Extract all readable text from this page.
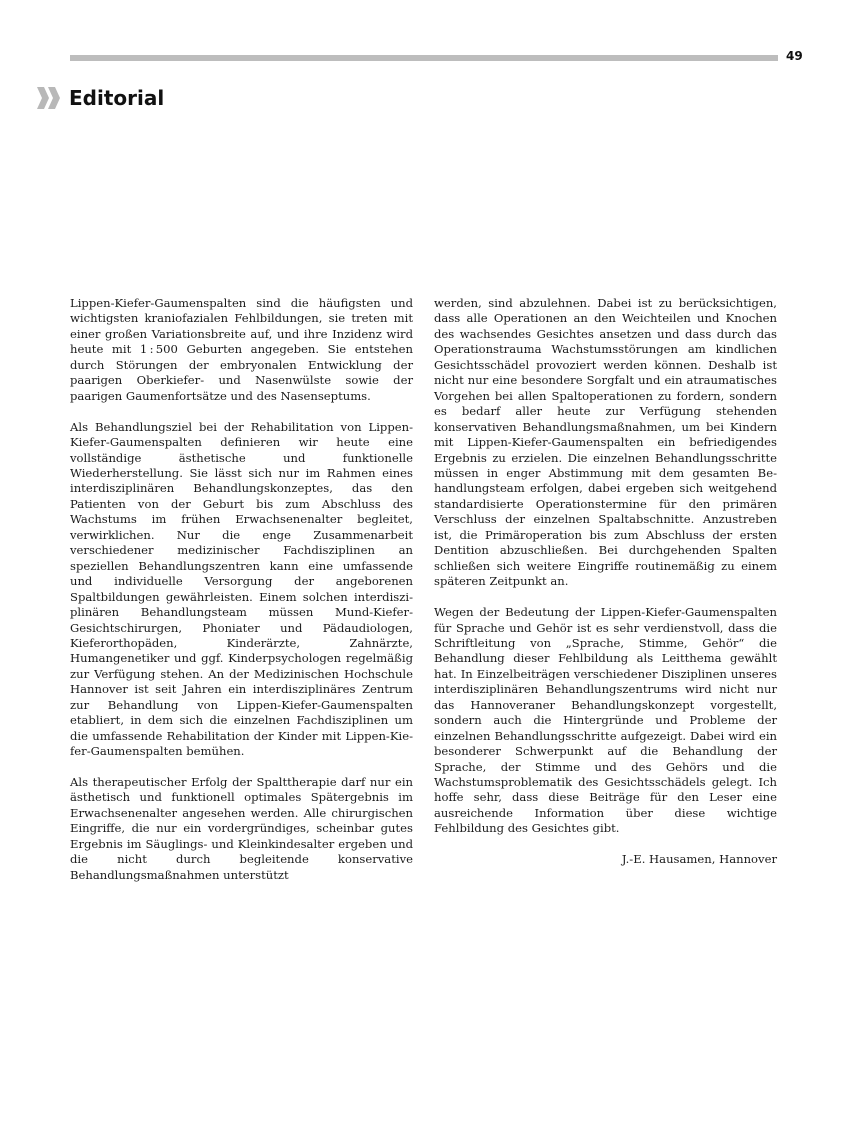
49
Editorial

Lippen-Kiefer-Gaumenspalten sind die häufigsten und wichtigsten kraniofazialen Fehlbildungen, sie treten mit einer großen Variationsbreite auf, und ihre Inzidenz wird heute mit 1 : 500 Geburten angegeben. Sie entstehen durch Störungen der embryonalen Entwicklung der paarigen Oberkiefer- und Nasenwülste sowie der paarigen Gaumenfortsätze und des Nasenseptums.

Als Behandlungsziel bei der Rehabilitation von Lippen-Kiefer-Gaumenspalten definieren wir heute eine vollständige ästhetische und funktionelle Wiederherstellung. Sie lässt sich nur im Rahmen eines interdisziplinären Behandlungskonzeptes, das den Patienten von der Geburt bis zum Abschluss des Wachstums im frühen Erwachsenenalter begleitet, verwirklichen. Nur die enge Zusammenarbeit verschiedener medizinischer Fachdisziplinen an speziellen Behandlungszentren kann eine umfassende und individuelle Versorgung der angeborenen Spaltbildungen gewährleisten. Einem solchen interdisziplinären Behandlungsteam müssen Mund-Kiefer-Gesichtschirurgen, Phoniater und Pädaudiologen, Kieferorthopäden, Kinderärzte, Zahnärzte, Humangenetiker und ggf. Kinderpsychologen regelmäßig zur Verfügung stehen. An der Medizinischen Hochschule Hannover ist seit Jahren ein interdisziplinäres Zentrum zur Behandlung von Lippen-Kiefer-Gaumenspalten etabliert, in dem sich die einzelnen Fachdisziplinen um die umfassende Rehabilitation der Kinder mit Lippen-Kiefer-Gaumenspalten bemühen.

Als therapeutischer Erfolg der Spalttherapie darf nur ein ästhetisch und funktionell optimales Spätergebnis im Erwachsenenalter angesehen werden. Alle chirurgischen Eingriffe, die nur ein vordergründiges, scheinbar gutes Ergebnis im Säuglings- und Kleinkindesalter ergeben und die nicht durch begleitende konservative Behandlungsmaßnahmen unterstützt

werden, sind abzulehnen. Dabei ist zu berücksichtigen, dass alle Operationen an den Weichteilen und Knochen des wachsendes Gesichtes ansetzen und dass durch das Operationstrauma Wachstumsstörungen am kindlichen Gesichtsschädel provoziert werden können. Deshalb ist nicht nur eine besondere Sorgfalt und ein atraumatisches Vorgehen bei allen Spaltoperationen zu fordern, sondern es bedarf aller heute zur Verfügung stehenden konservativen Behandlungsmaßnahmen, um bei Kindern mit Lippen-Kiefer-Gaumenspalten ein befriedigendes Ergebnis zu erzielen. Die einzelnen Behandlungsschritte müssen in enger Abstimmung mit dem gesamten Behandlungsteam erfolgen, dabei ergeben sich weitgehend standardisierte Operationstermine für den primären Verschluss der einzelnen Spaltabschnitte. Anzustreben ist, die Primäroperation bis zum Abschluss der ersten Dentition abzuschließen. Bei durchgehenden Spalten schließen sich weitere Eingriffe routinemäßig zu einem späteren Zeitpunkt an.

Wegen der Bedeutung der Lippen-Kiefer-Gaumenspalten für Sprache und Gehör ist es sehr verdienstvoll, dass die Schriftleitung von „Sprache, Stimme, Gehör“ die Behandlung dieser Fehlbildung als Leitthema gewählt hat. In Einzelbeiträgen verschiedener Disziplinen unseres interdisziplinären Behandlungszentrums wird nicht nur das Hannoveraner Behandlungskonzept vorgestellt, sondern auch die Hintergründe und Probleme der einzelnen Behandlungsschritte aufgezeigt. Dabei wird ein besonderer Schwerpunkt auf die Behandlung der Sprache, der Stimme und des Gehörs und die Wachstumsproblematik des Gesichtsschädels gelegt. Ich hoffe sehr, dass diese Beiträge für den Leser eine ausreichende Information über diese wichtige Fehlbildung des Gesichtes gibt.

J.-E. Hausamen, Hannover
